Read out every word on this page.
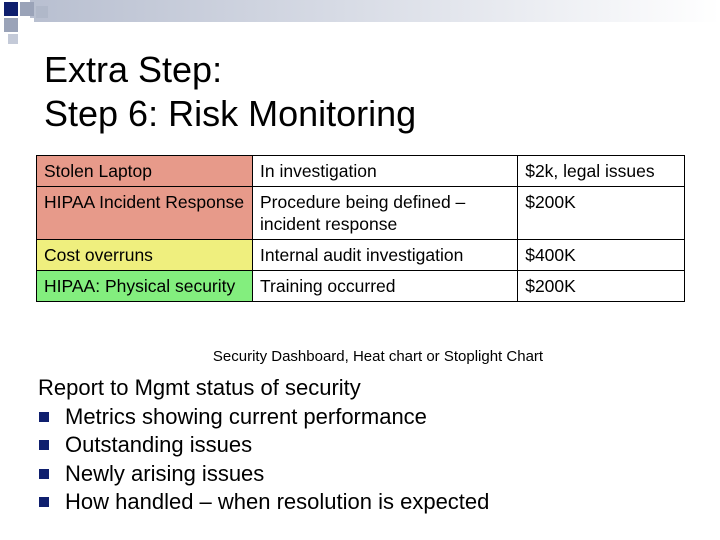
Extra Step:
Step 6: Risk Monitoring
Stolen Laptop	In investigation	$2k, legal issues
HIPAA Incident Response	Procedure being defined – incident response	$200K
Cost overruns	Internal audit investigation	$400K
HIPAA: Physical security	Training occurred	$200K
Security Dashboard, Heat chart or Stoplight Chart
Report to Mgmt status of security
Metrics showing current performance
Outstanding issues
Newly arising issues
How handled – when resolution is expected
